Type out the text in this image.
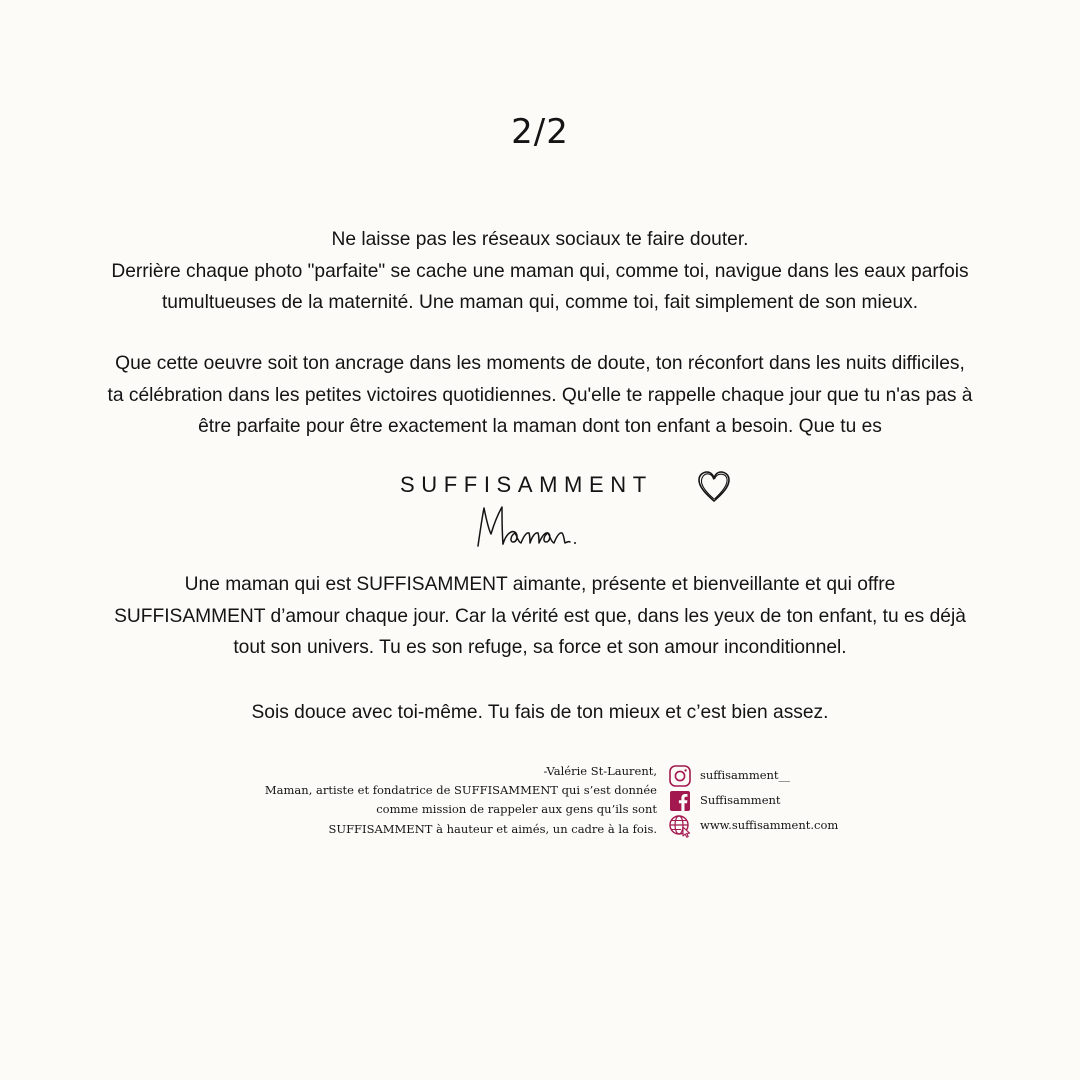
2/2

Ne laisse pas les réseaux sociaux te faire douter.

Derrière chaque photo "parfaite" se cache une maman qui, comme toi, navigue dans les eaux parfois

tumultueuses de la maternité. Une maman qui, comme toi, fait simplement de son mieux.

Que cette oeuvre soit ton ancrage dans les moments de doute, ton réconfort dans les nuits difficiles,

ta célébration dans les petites victoires quotidiennes. Qu'elle te rappelle chaque jour que tu n'as pas à

être parfaite pour être exactement la maman dont ton enfant a besoin. Que tu es

SUFFISAMMENT

Une maman qui est SUFFISAMMENT aimante, présente et bienveillante et qui offre

SUFFISAMMENT d’amour chaque jour. Car la vérité est que, dans les yeux de ton enfant, tu es déjà

tout son univers. Tu es son refuge, sa force et son amour inconditionnel.

Sois douce avec toi-même. Tu fais de ton mieux et c’est bien assez.

-Valérie St-Laurent,

Maman, artiste et fondatrice de SUFFISAMMENT qui s’est donnée

comme mission de rappeler aux gens qu’ils sont

SUFFISAMMENT à hauteur et aimés, un cadre à la fois.

suffisamment__
Suffisamment
www.suffisamment.com
